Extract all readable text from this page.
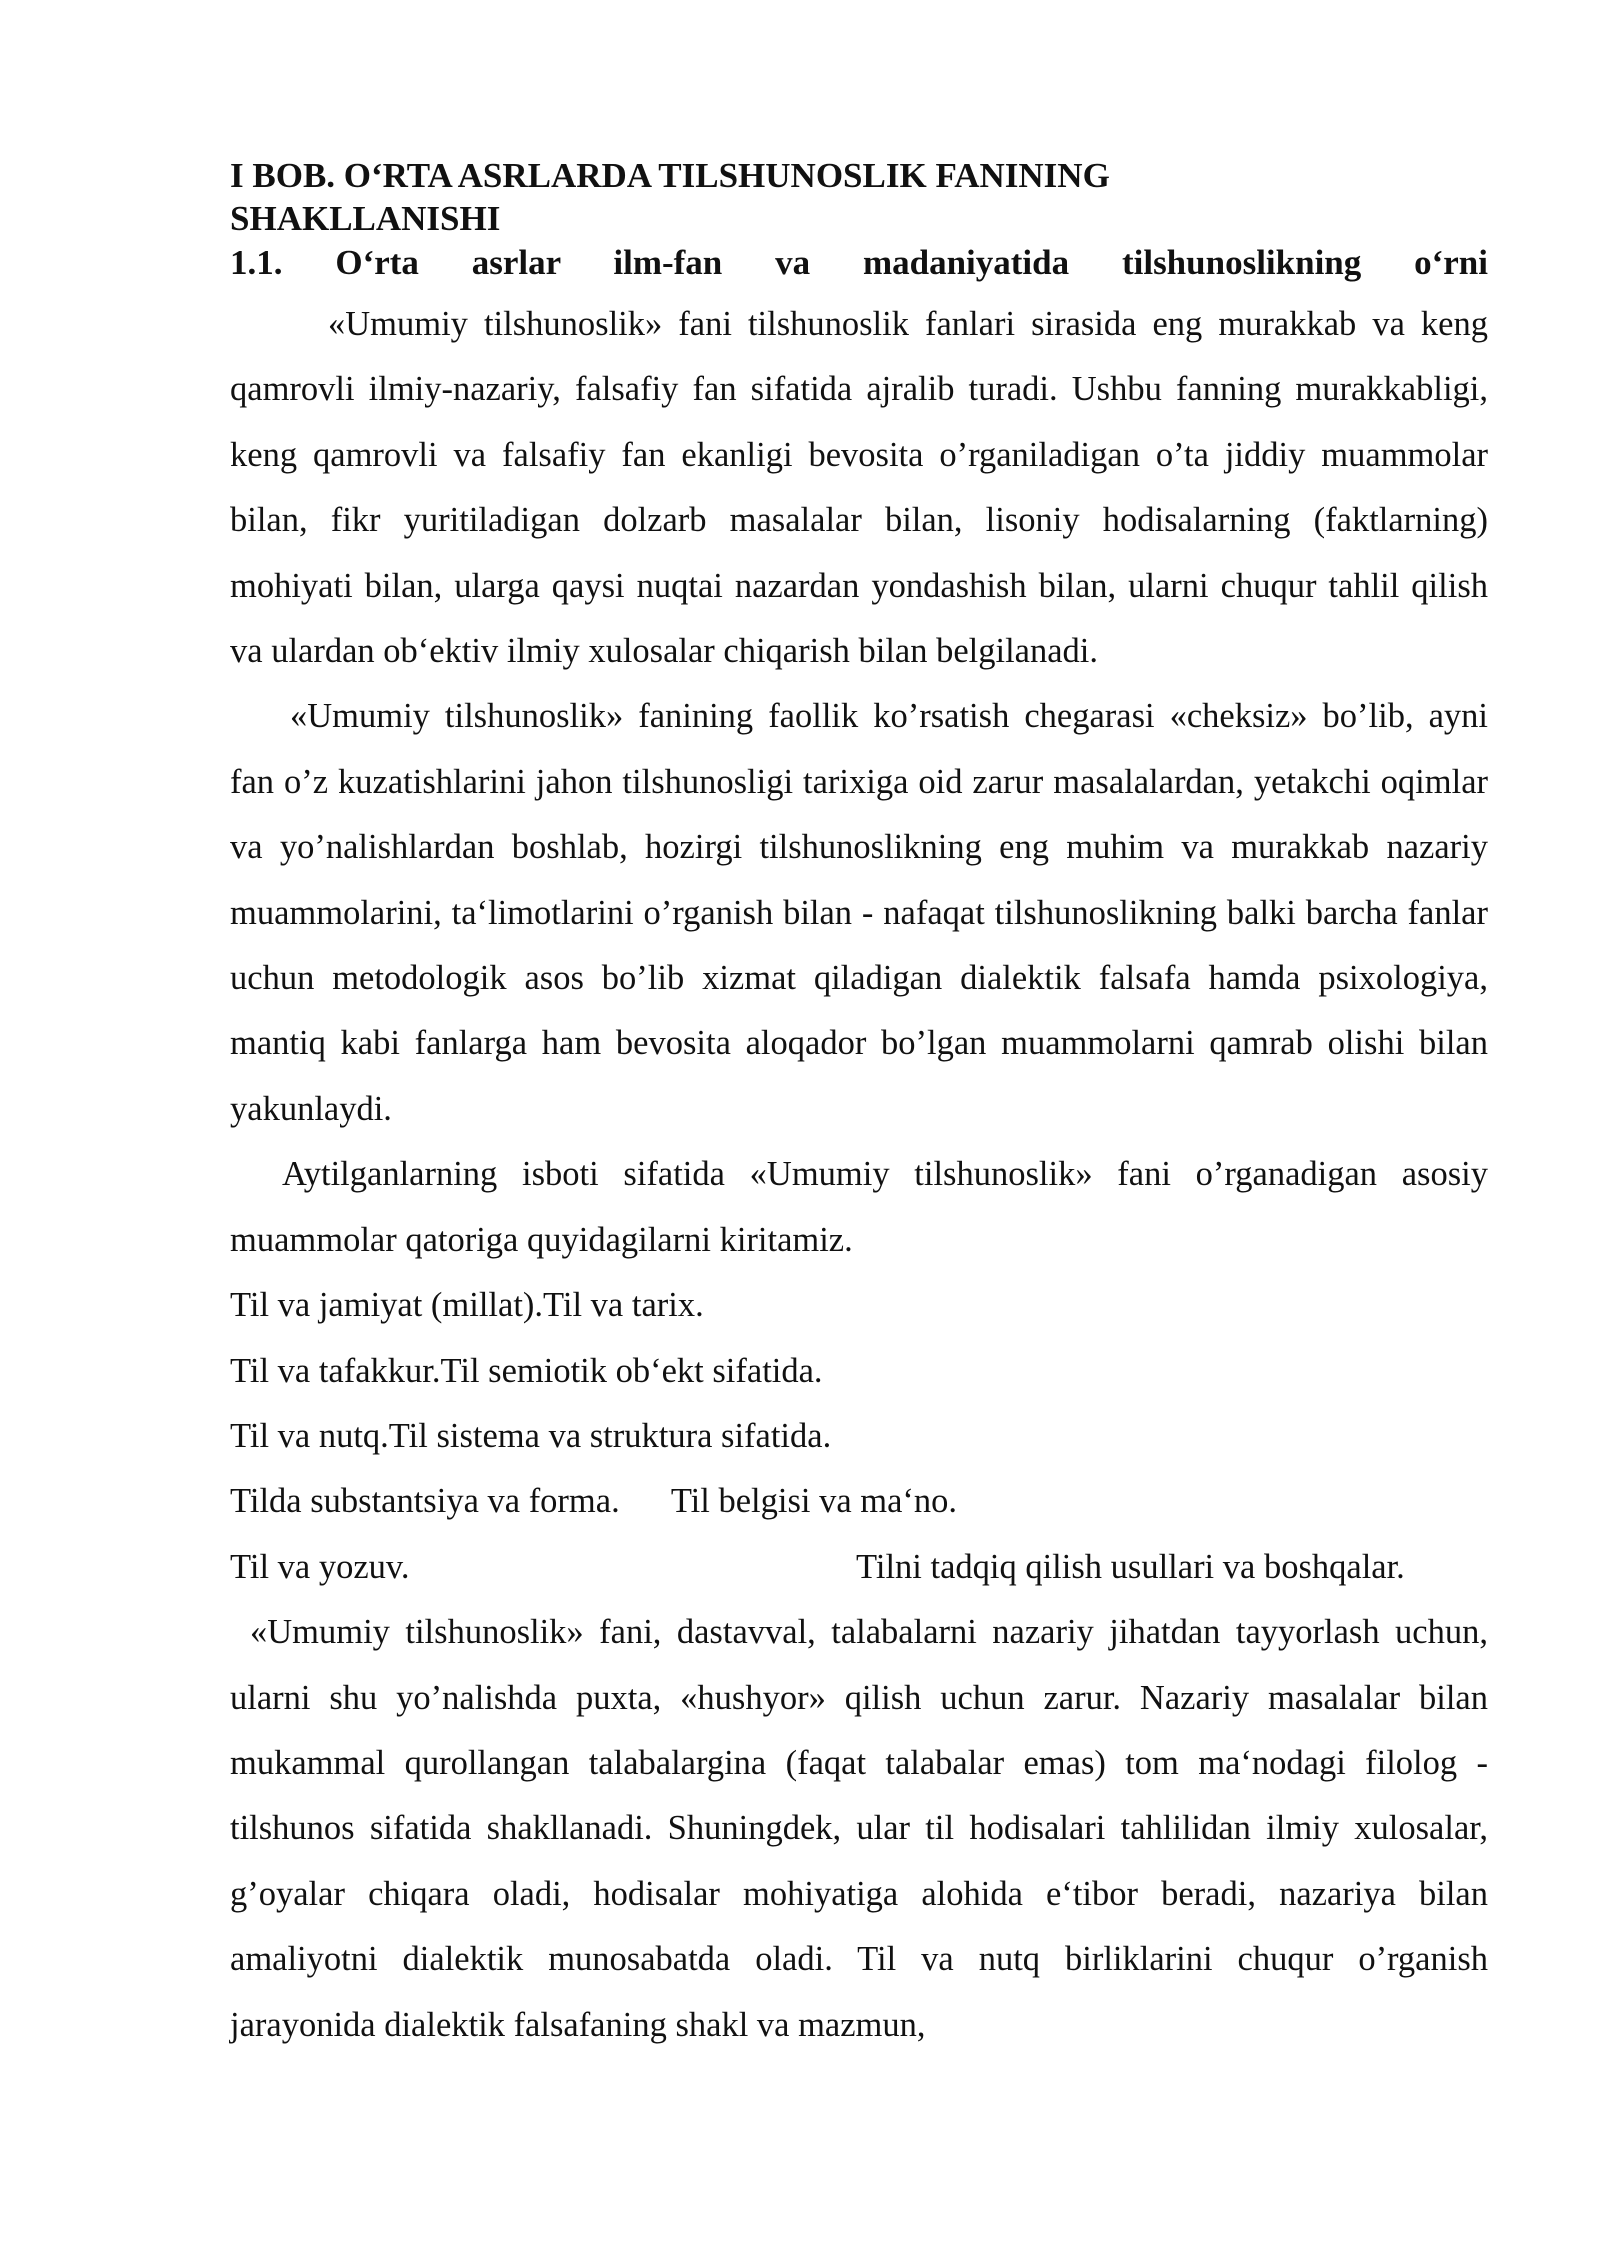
I BOB. O‘RTA ASRLARDA TILSHUNOSLIK FANINING

SHAKLLANISHI

1.1. O‘rta asrlar ilm-fan va madaniyatida tilshunoslikning o‘rni

«Umumiy tilshunoslik» fani tilshunoslik fanlari sirasida eng murakkab va keng qamrovli ilmiy-nazariy, falsafiy fan sifatida ajralib turadi. Ushbu fanning murakkabligi, keng qamrovli va falsafiy fan ekanligi bevosita o’rganiladigan o’ta jiddiy muammolar bilan, fikr yuritiladigan dolzarb masalalar bilan, lisoniy hodisalarning (faktlarning) mohiyati bilan, ularga qaysi nuqtai nazardan yondashish bilan, ularni chuqur tahlil qilish va ulardan ob‘ektiv ilmiy xulosalar chiqarish bilan belgilanadi.

«Umumiy tilshunoslik» fanining faollik ko’rsatish chegarasi «cheksiz» bo’lib, ayni fan o’z kuzatishlarini jahon tilshunosligi tarixiga oid zarur masalalardan, yetakchi oqimlar va yo’nalishlardan boshlab, hozirgi tilshunoslikning eng muhim va murakkab nazariy muammolarini, ta‘limotlarini o’rganish bilan - nafaqat tilshunoslikning balki barcha fanlar uchun metodologik asos bo’lib xizmat qiladigan dialektik falsafa hamda psixologiya, mantiq kabi fanlarga ham bevosita aloqador bo’lgan muammolarni qamrab olishi bilan yakunlaydi.

Aytilganlarning isboti sifatida «Umumiy tilshunoslik» fani o’rganadigan asosiy muammolar qatoriga quyidagilarni kiritamiz.

Til va jamiyat (millat).Til va tarix.

Til va tafakkur.Til semiotik ob‘ekt sifatida.

Til va nutq.Til sistema va struktura sifatida.

Tilda substantsiya va forma.      Til belgisi va ma‘no.

Til va yozuv.	Tilni tadqiq qilish usullari va boshqalar.

«Umumiy tilshunoslik» fani, dastavval, talabalarni nazariy jihatdan tayyorlash uchun, ularni shu yo’nalishda puxta, «hushyor» qilish uchun zarur. Nazariy masalalar bilan mukammal qurollangan talabalargina (faqat talabalar emas) tom ma‘nodagi filolog - tilshunos sifatida shakllanadi. Shuningdek, ular til hodisalari tahlilidan ilmiy xulosalar, g’oyalar chiqara oladi, hodisalar mohiyatiga alohida e‘tibor beradi, nazariya bilan amaliyotni dialektik munosabatda oladi. Til va nutq birliklarini chuqur o’rganish jarayonida dialektik falsafaning shakl va mazmun,
